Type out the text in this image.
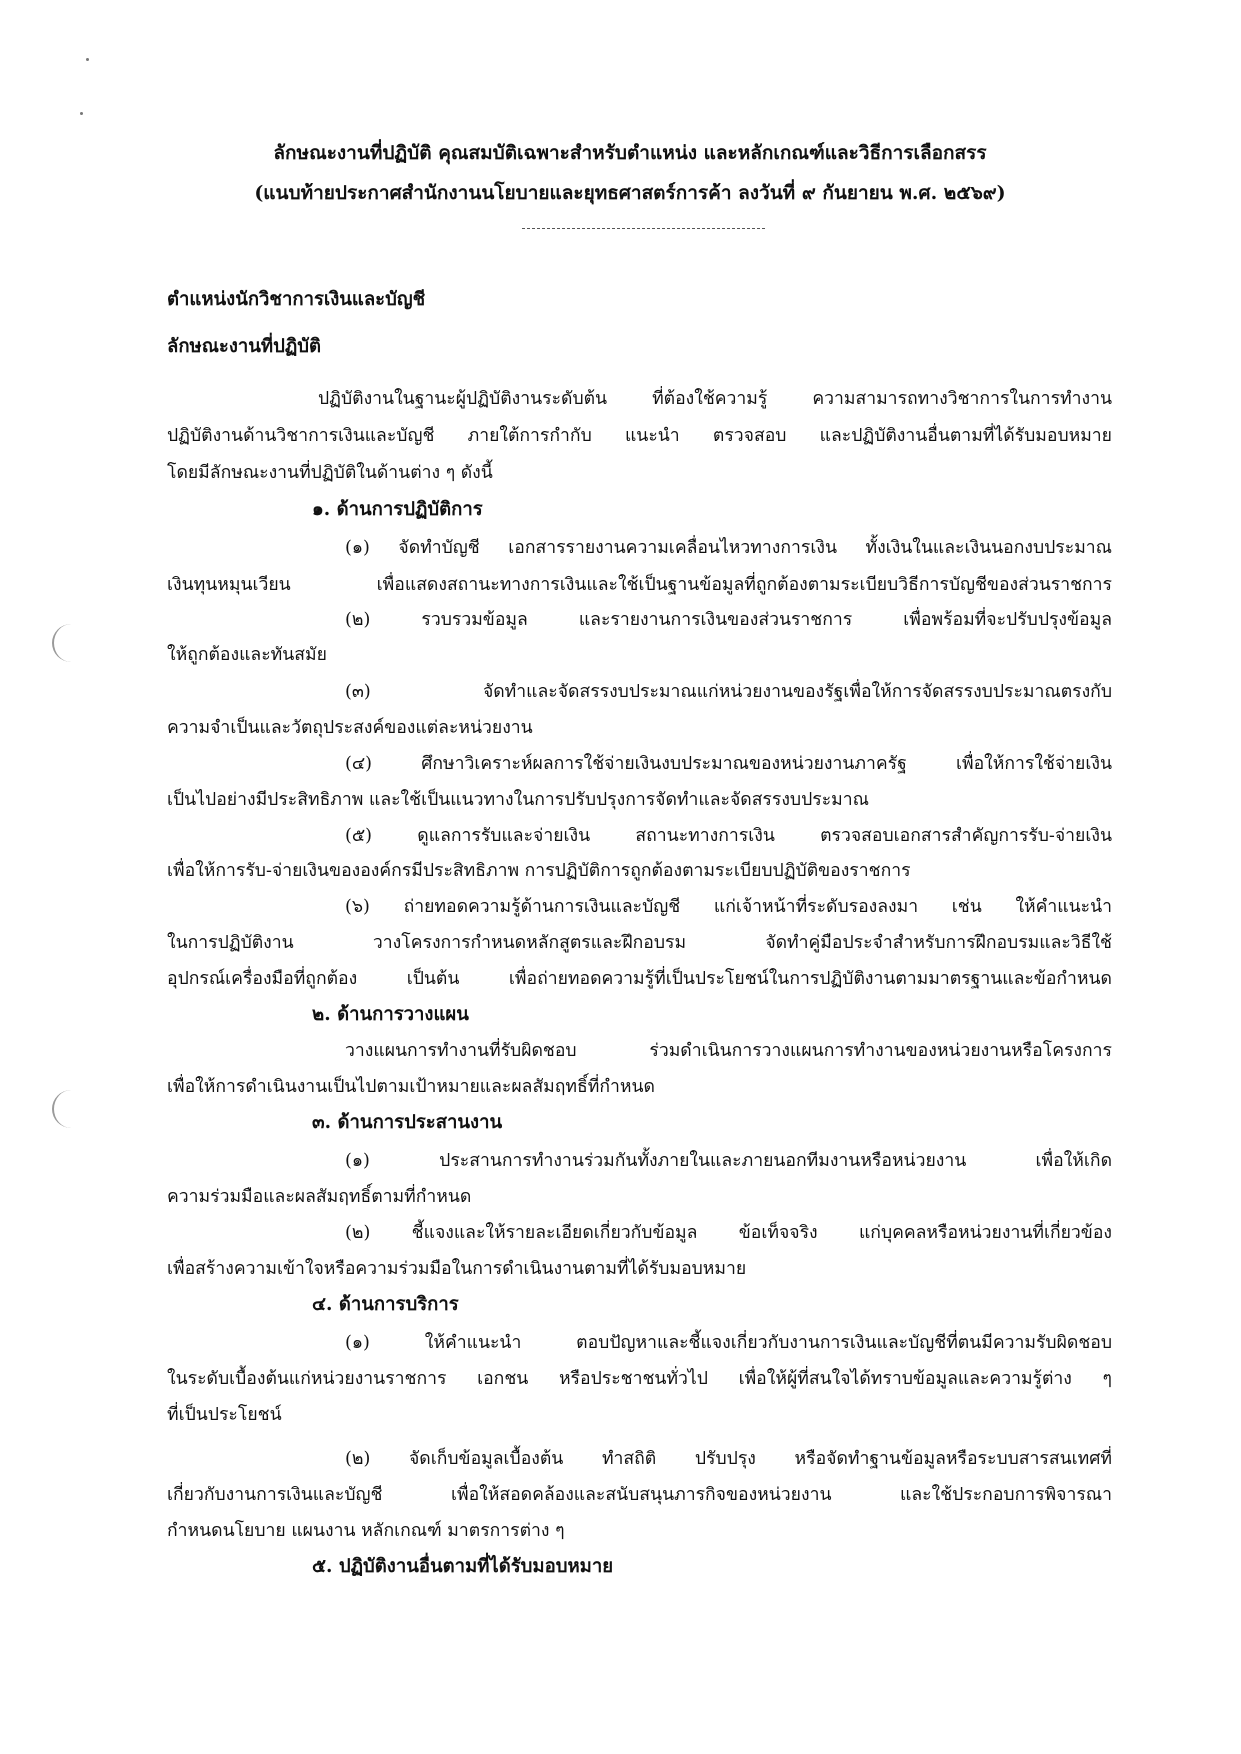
ลักษณะงานที่ปฏิบัติ คุณสมบัติเฉพาะสำหรับตำแหน่ง และหลักเกณฑ์และวิธีการเลือกสรร
(แนบท้ายประกาศสำนักงานนโยบายและยุทธศาสตร์การค้า ลงวันที่ ๙ กันยายน พ.ศ. ๒๕๖๙)
ตำแหน่งนักวิชาการเงินและบัญชี
ลักษณะงานที่ปฏิบัติ
ปฏิบัติงานในฐานะผู้ปฏิบัติงานระดับต้น ที่ต้องใช้ความรู้ ความสามารถทางวิชาการในการทำงาน
ปฏิบัติงานด้านวิชาการเงินและบัญชี ภายใต้การกำกับ แนะนำ ตรวจสอบ และปฏิบัติงานอื่นตามที่ได้รับมอบหมาย
โดยมีลักษณะงานที่ปฏิบัติในด้านต่าง ๆ ดังนี้
๑. ด้านการปฏิบัติการ
(๑) จัดทำบัญชี เอกสารรายงานความเคลื่อนไหวทางการเงิน ทั้งเงินในและเงินนอกงบประมาณ
เงินทุนหมุนเวียน เพื่อแสดงสถานะทางการเงินและใช้เป็นฐานข้อมูลที่ถูกต้องตามระเบียบวิธีการบัญชีของส่วนราชการ
(๒) รวบรวมข้อมูล และรายงานการเงินของส่วนราชการ เพื่อพร้อมที่จะปรับปรุงข้อมูล
ให้ถูกต้องและทันสมัย
(๓) จัดทำและจัดสรรงบประมาณแก่หน่วยงานของรัฐเพื่อให้การจัดสรรงบประมาณตรงกับ
ความจำเป็นและวัตถุประสงค์ของแต่ละหน่วยงาน
(๔) ศึกษาวิเคราะห์ผลการใช้จ่ายเงินงบประมาณของหน่วยงานภาครัฐ เพื่อให้การใช้จ่ายเงิน
เป็นไปอย่างมีประสิทธิภาพ และใช้เป็นแนวทางในการปรับปรุงการจัดทำและจัดสรรงบประมาณ
(๕) ดูแลการรับและจ่ายเงิน สถานะทางการเงิน ตรวจสอบเอกสารสำคัญการรับ-จ่ายเงิน
เพื่อให้การรับ-จ่ายเงินขององค์กรมีประสิทธิภาพ การปฏิบัติการถูกต้องตามระเบียบปฏิบัติของราชการ
(๖) ถ่ายทอดความรู้ด้านการเงินและบัญชี แก่เจ้าหน้าที่ระดับรองลงมา เช่น ให้คำแนะนำ
ในการปฏิบัติงาน วางโครงการกำหนดหลักสูตรและฝึกอบรม จัดทำคู่มือประจำสำหรับการฝึกอบรมและวิธีใช้
อุปกรณ์เครื่องมือที่ถูกต้อง เป็นต้น เพื่อถ่ายทอดความรู้ที่เป็นประโยชน์ในการปฏิบัติงานตามมาตรฐานและข้อกำหนด
๒. ด้านการวางแผน
วางแผนการทำงานที่รับผิดชอบ ร่วมดำเนินการวางแผนการทำงานของหน่วยงานหรือโครงการ
เพื่อให้การดำเนินงานเป็นไปตามเป้าหมายและผลสัมฤทธิ์ที่กำหนด
๓. ด้านการประสานงาน
(๑) ประสานการทำงานร่วมกันทั้งภายในและภายนอกทีมงานหรือหน่วยงาน เพื่อให้เกิด
ความร่วมมือและผลสัมฤทธิ์ตามที่กำหนด
(๒) ชี้แจงและให้รายละเอียดเกี่ยวกับข้อมูล ข้อเท็จจริง แก่บุคคลหรือหน่วยงานที่เกี่ยวข้อง
เพื่อสร้างความเข้าใจหรือความร่วมมือในการดำเนินงานตามที่ได้รับมอบหมาย
๔. ด้านการบริการ
(๑) ให้คำแนะนำ ตอบปัญหาและชี้แจงเกี่ยวกับงานการเงินและบัญชีที่ตนมีความรับผิดชอบ
ในระดับเบื้องต้นแก่หน่วยงานราชการ เอกชน หรือประชาชนทั่วไป เพื่อให้ผู้ที่สนใจได้ทราบข้อมูลและความรู้ต่าง ๆ
ที่เป็นประโยชน์
(๒) จัดเก็บข้อมูลเบื้องต้น ทำสถิติ ปรับปรุง หรือจัดทำฐานข้อมูลหรือระบบสารสนเทศที่
เกี่ยวกับงานการเงินและบัญชี เพื่อให้สอดคล้องและสนับสนุนภารกิจของหน่วยงาน และใช้ประกอบการพิจารณา
กำหนดนโยบาย แผนงาน หลักเกณฑ์ มาตรการต่าง ๆ
๕. ปฏิบัติงานอื่นตามที่ได้รับมอบหมาย
